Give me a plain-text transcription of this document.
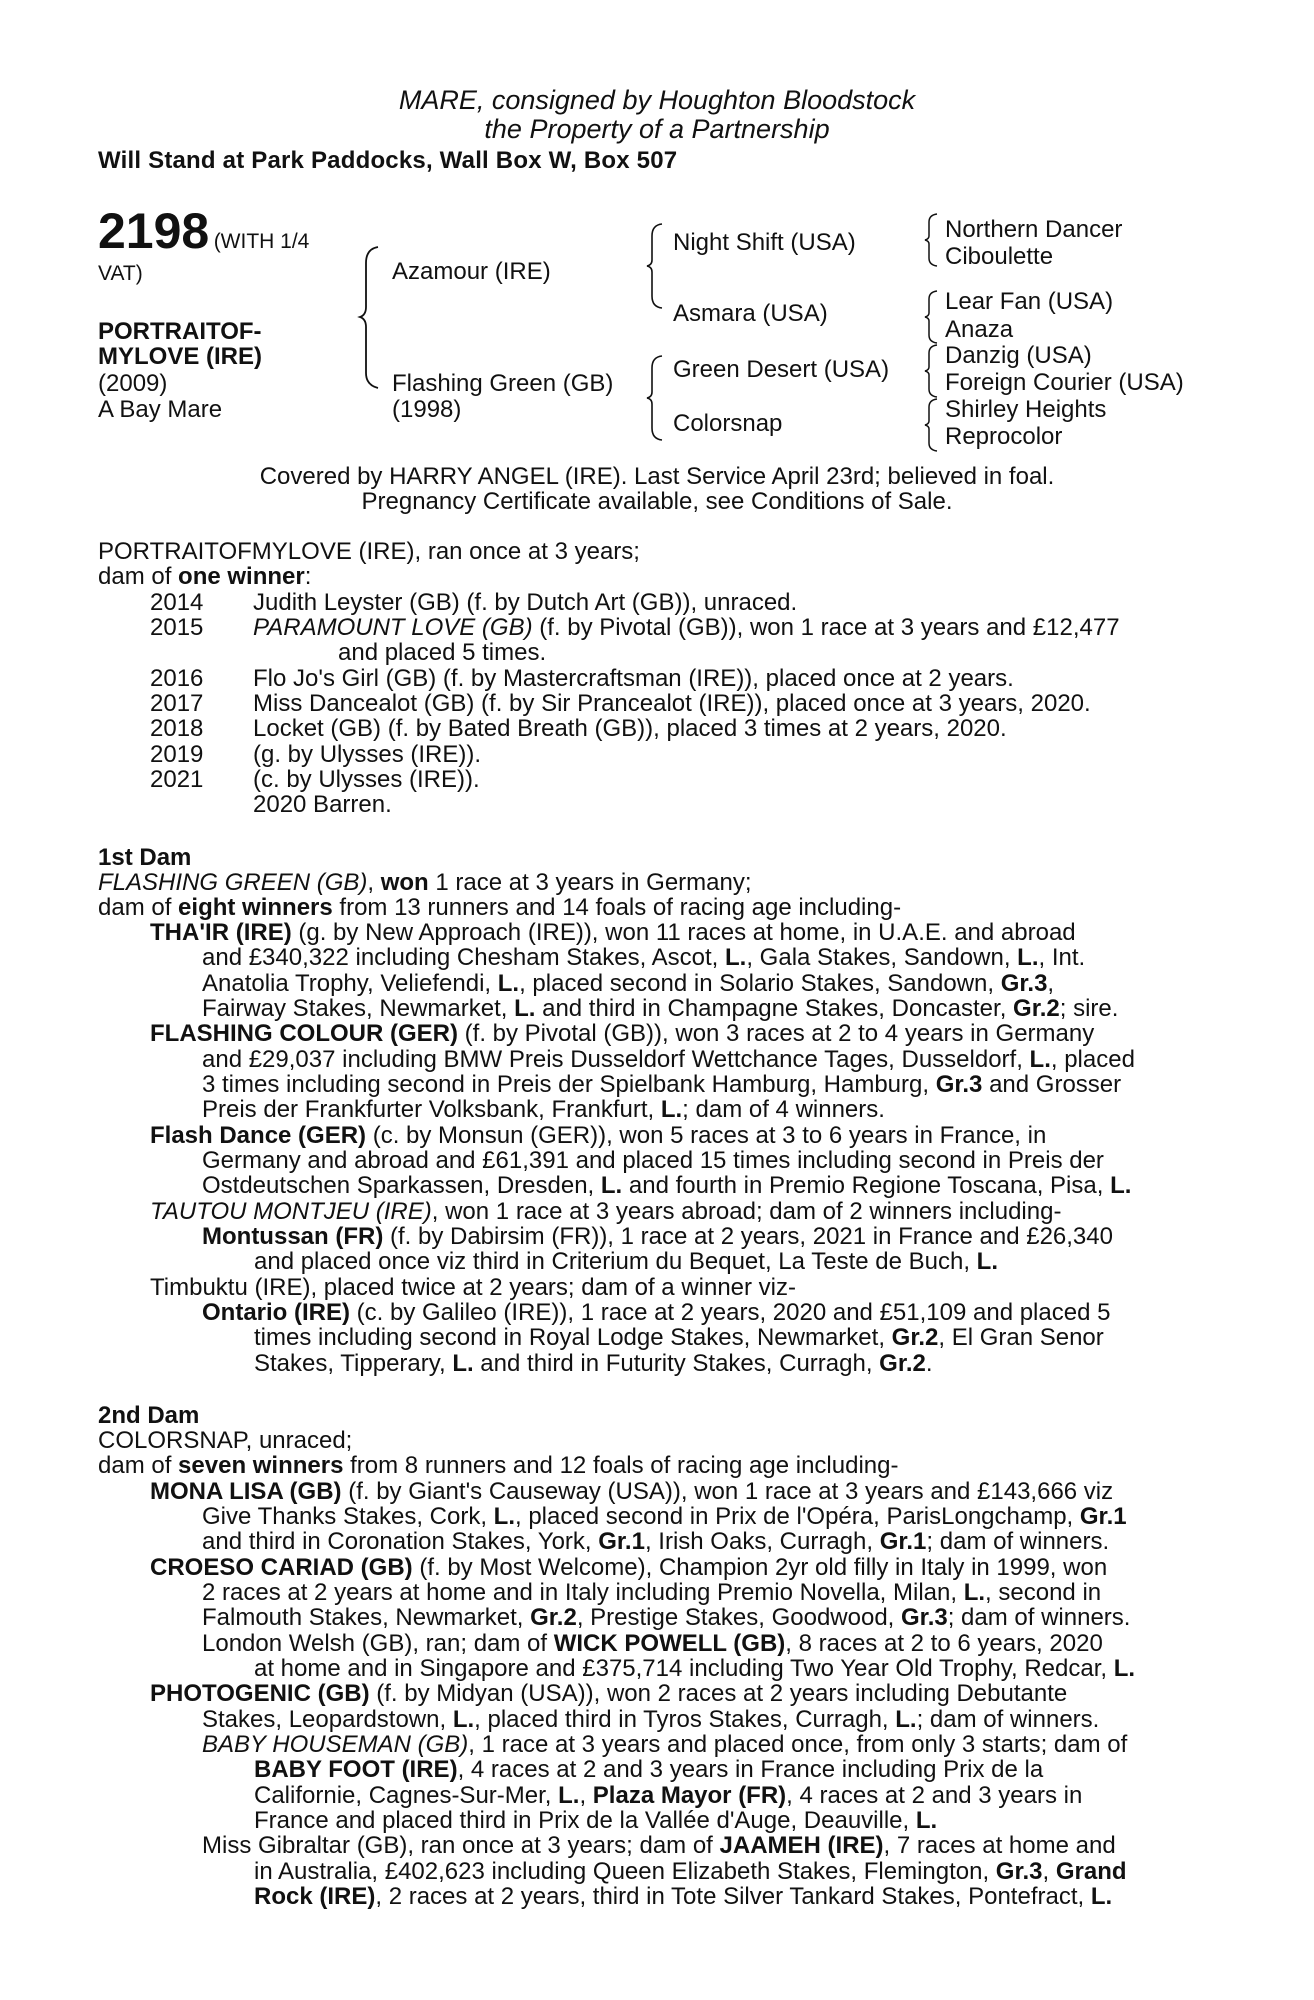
MARE, consigned by Houghton Bloodstock
the Property of a Partnership
Will Stand at Park Paddocks, Wall Box W, Box 507
2198 (WITH 1/4
VAT)
PORTRAITOF-
MYLOVE (IRE)
(2009)
A Bay Mare
Azamour (IRE)
Flashing Green (GB)
(1998)
Night Shift (USA)
Asmara (USA)
Green Desert (USA)
Colorsnap
Northern Dancer
Ciboulette
Lear Fan (USA)
Anaza
Danzig (USA)
Foreign Courier (USA)
Shirley Heights
Reprocolor
Covered by HARRY ANGEL (IRE). Last Service April 23rd; believed in foal.
Pregnancy Certificate available, see Conditions of Sale.
PORTRAITOFMYLOVE (IRE), ran once at 3 years;
dam of one winner:
2014 Judith Leyster (GB) (f. by Dutch Art (GB)), unraced.
2015 PARAMOUNT LOVE (GB) (f. by Pivotal (GB)), won 1 race at 3 years and £12,477
and placed 5 times.
2016 Flo Jo's Girl (GB) (f. by Mastercraftsman (IRE)), placed once at 2 years.
2017 Miss Dancealot (GB) (f. by Sir Prancealot (IRE)), placed once at 3 years, 2020.
2018 Locket (GB) (f. by Bated Breath (GB)), placed 3 times at 2 years, 2020.
2019 (g. by Ulysses (IRE)).
2021 (c. by Ulysses (IRE)).
2020 Barren.
1st Dam
FLASHING GREEN (GB), won 1 race at 3 years in Germany;
dam of eight winners from 13 runners and 14 foals of racing age including-
THA'IR (IRE) (g. by New Approach (IRE)), won 11 races at home, in U.A.E. and abroad
and £340,322 including Chesham Stakes, Ascot, L., Gala Stakes, Sandown, L., Int.
Anatolia Trophy, Veliefendi, L., placed second in Solario Stakes, Sandown, Gr.3,
Fairway Stakes, Newmarket, L. and third in Champagne Stakes, Doncaster, Gr.2; sire.
FLASHING COLOUR (GER) (f. by Pivotal (GB)), won 3 races at 2 to 4 years in Germany
and £29,037 including BMW Preis Dusseldorf Wettchance Tages, Dusseldorf, L., placed
3 times including second in Preis der Spielbank Hamburg, Hamburg, Gr.3 and Grosser
Preis der Frankfurter Volksbank, Frankfurt, L.; dam of 4 winners.
Flash Dance (GER) (c. by Monsun (GER)), won 5 races at 3 to 6 years in France, in
Germany and abroad and £61,391 and placed 15 times including second in Preis der
Ostdeutschen Sparkassen, Dresden, L. and fourth in Premio Regione Toscana, Pisa, L.
TAUTOU MONTJEU (IRE), won 1 race at 3 years abroad; dam of 2 winners including-
Montussan (FR) (f. by Dabirsim (FR)), 1 race at 2 years, 2021 in France and £26,340
and placed once viz third in Criterium du Bequet, La Teste de Buch, L.
Timbuktu (IRE), placed twice at 2 years; dam of a winner viz-
Ontario (IRE) (c. by Galileo (IRE)), 1 race at 2 years, 2020 and £51,109 and placed 5
times including second in Royal Lodge Stakes, Newmarket, Gr.2, El Gran Senor
Stakes, Tipperary, L. and third in Futurity Stakes, Curragh, Gr.2.
2nd Dam
COLORSNAP, unraced;
dam of seven winners from 8 runners and 12 foals of racing age including-
MONA LISA (GB) (f. by Giant's Causeway (USA)), won 1 race at 3 years and £143,666 viz
Give Thanks Stakes, Cork, L., placed second in Prix de l'Opéra, ParisLongchamp, Gr.1
and third in Coronation Stakes, York, Gr.1, Irish Oaks, Curragh, Gr.1; dam of winners.
CROESO CARIAD (GB) (f. by Most Welcome), Champion 2yr old filly in Italy in 1999, won
2 races at 2 years at home and in Italy including Premio Novella, Milan, L., second in
Falmouth Stakes, Newmarket, Gr.2, Prestige Stakes, Goodwood, Gr.3; dam of winners.
London Welsh (GB), ran; dam of WICK POWELL (GB), 8 races at 2 to 6 years, 2020
at home and in Singapore and £375,714 including Two Year Old Trophy, Redcar, L.
PHOTOGENIC (GB) (f. by Midyan (USA)), won 2 races at 2 years including Debutante
Stakes, Leopardstown, L., placed third in Tyros Stakes, Curragh, L.; dam of winners.
BABY HOUSEMAN (GB), 1 race at 3 years and placed once, from only 3 starts; dam of
BABY FOOT (IRE), 4 races at 2 and 3 years in France including Prix de la
Californie, Cagnes-Sur-Mer, L., Plaza Mayor (FR), 4 races at 2 and 3 years in
France and placed third in Prix de la Vallée d'Auge, Deauville, L.
Miss Gibraltar (GB), ran once at 3 years; dam of JAAMEH (IRE), 7 races at home and
in Australia, £402,623 including Queen Elizabeth Stakes, Flemington, Gr.3, Grand
Rock (IRE), 2 races at 2 years, third in Tote Silver Tankard Stakes, Pontefract, L.
